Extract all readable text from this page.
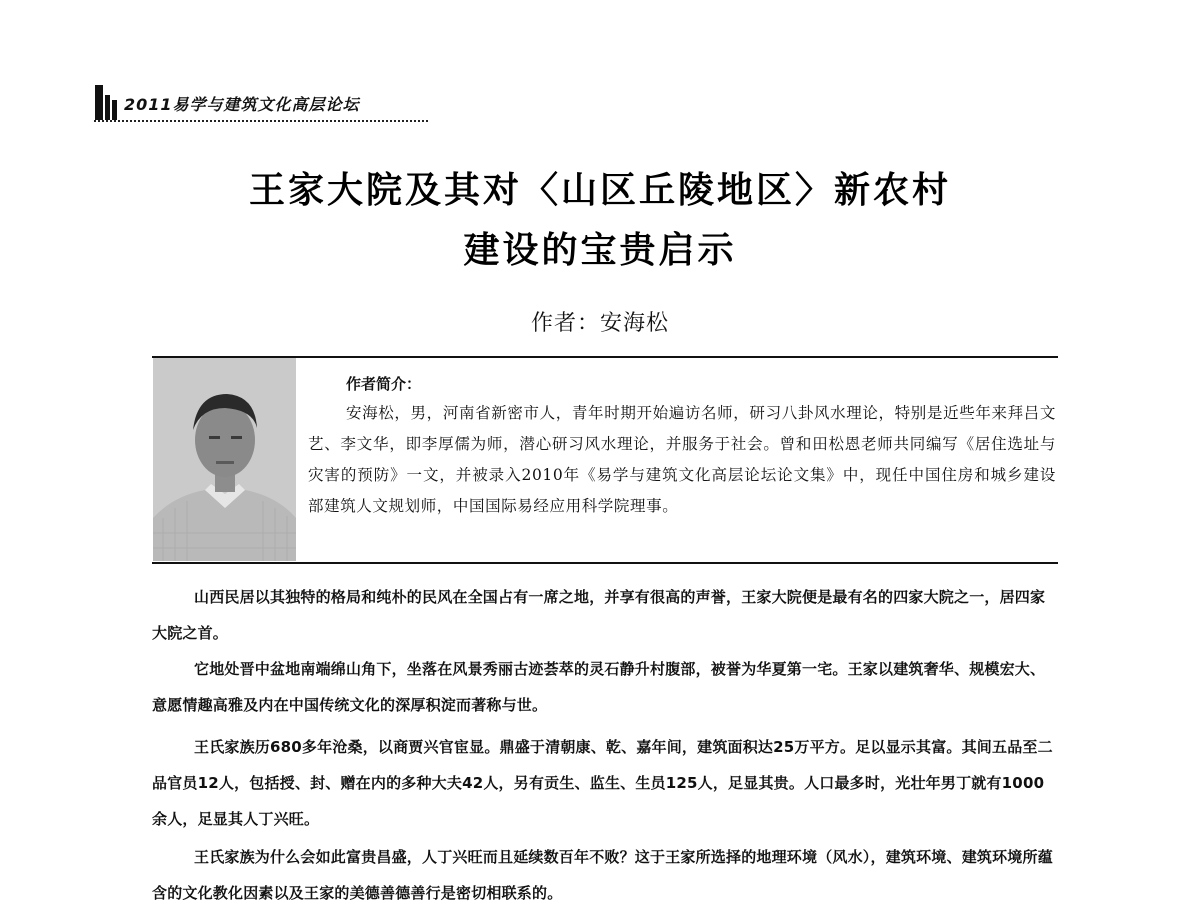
2011易学与建筑文化高层论坛
王家大院及其对〈山区丘陵地区〉新农村
建设的宝贵启示
作者：安海松
作者简介：

安海松，男，河南省新密市人，青年时期开始遍访名师，研习八卦风水理论，特别是近些年来拜吕文艺、李文华，即李厚儒为师，潜心研习风水理论，并服务于社会。曾和田松恩老师共同编写《居住选址与灾害的预防》一文，并被录入2010年《易学与建筑文化高层论坛论文集》中，现任中国住房和城乡建设部建筑人文规划师，中国国际易经应用科学院理事。

山西民居以其独特的格局和纯朴的民风在全国占有一席之地，并享有很高的声誉，王家大院便是最有名的四家大院之一，居四家大院之首。

它地处晋中盆地南端绵山角下，坐落在风景秀丽古迹荟萃的灵石静升村腹部，被誉为华夏第一宅。王家以建筑奢华、规模宏大、意愿情趣高雅及内在中国传统文化的深厚积淀而著称与世。

王氏家族历680多年沧桑，以商贾兴官宦显。鼎盛于清朝康、乾、嘉年间，建筑面积达25万平方。足以显示其富。其间五品至二品官员12人，包括授、封、赠在内的多种大夫42人，另有贡生、监生、生员125人，足显其贵。人口最多时，光壮年男丁就有1000余人，足显其人丁兴旺。

王氏家族为什么会如此富贵昌盛，人丁兴旺而且延续数百年不败？这于王家所选择的地理环境（风水），建筑环境、建筑环境所蕴含的文化教化因素以及王家的美德善德善行是密切相联系的。
